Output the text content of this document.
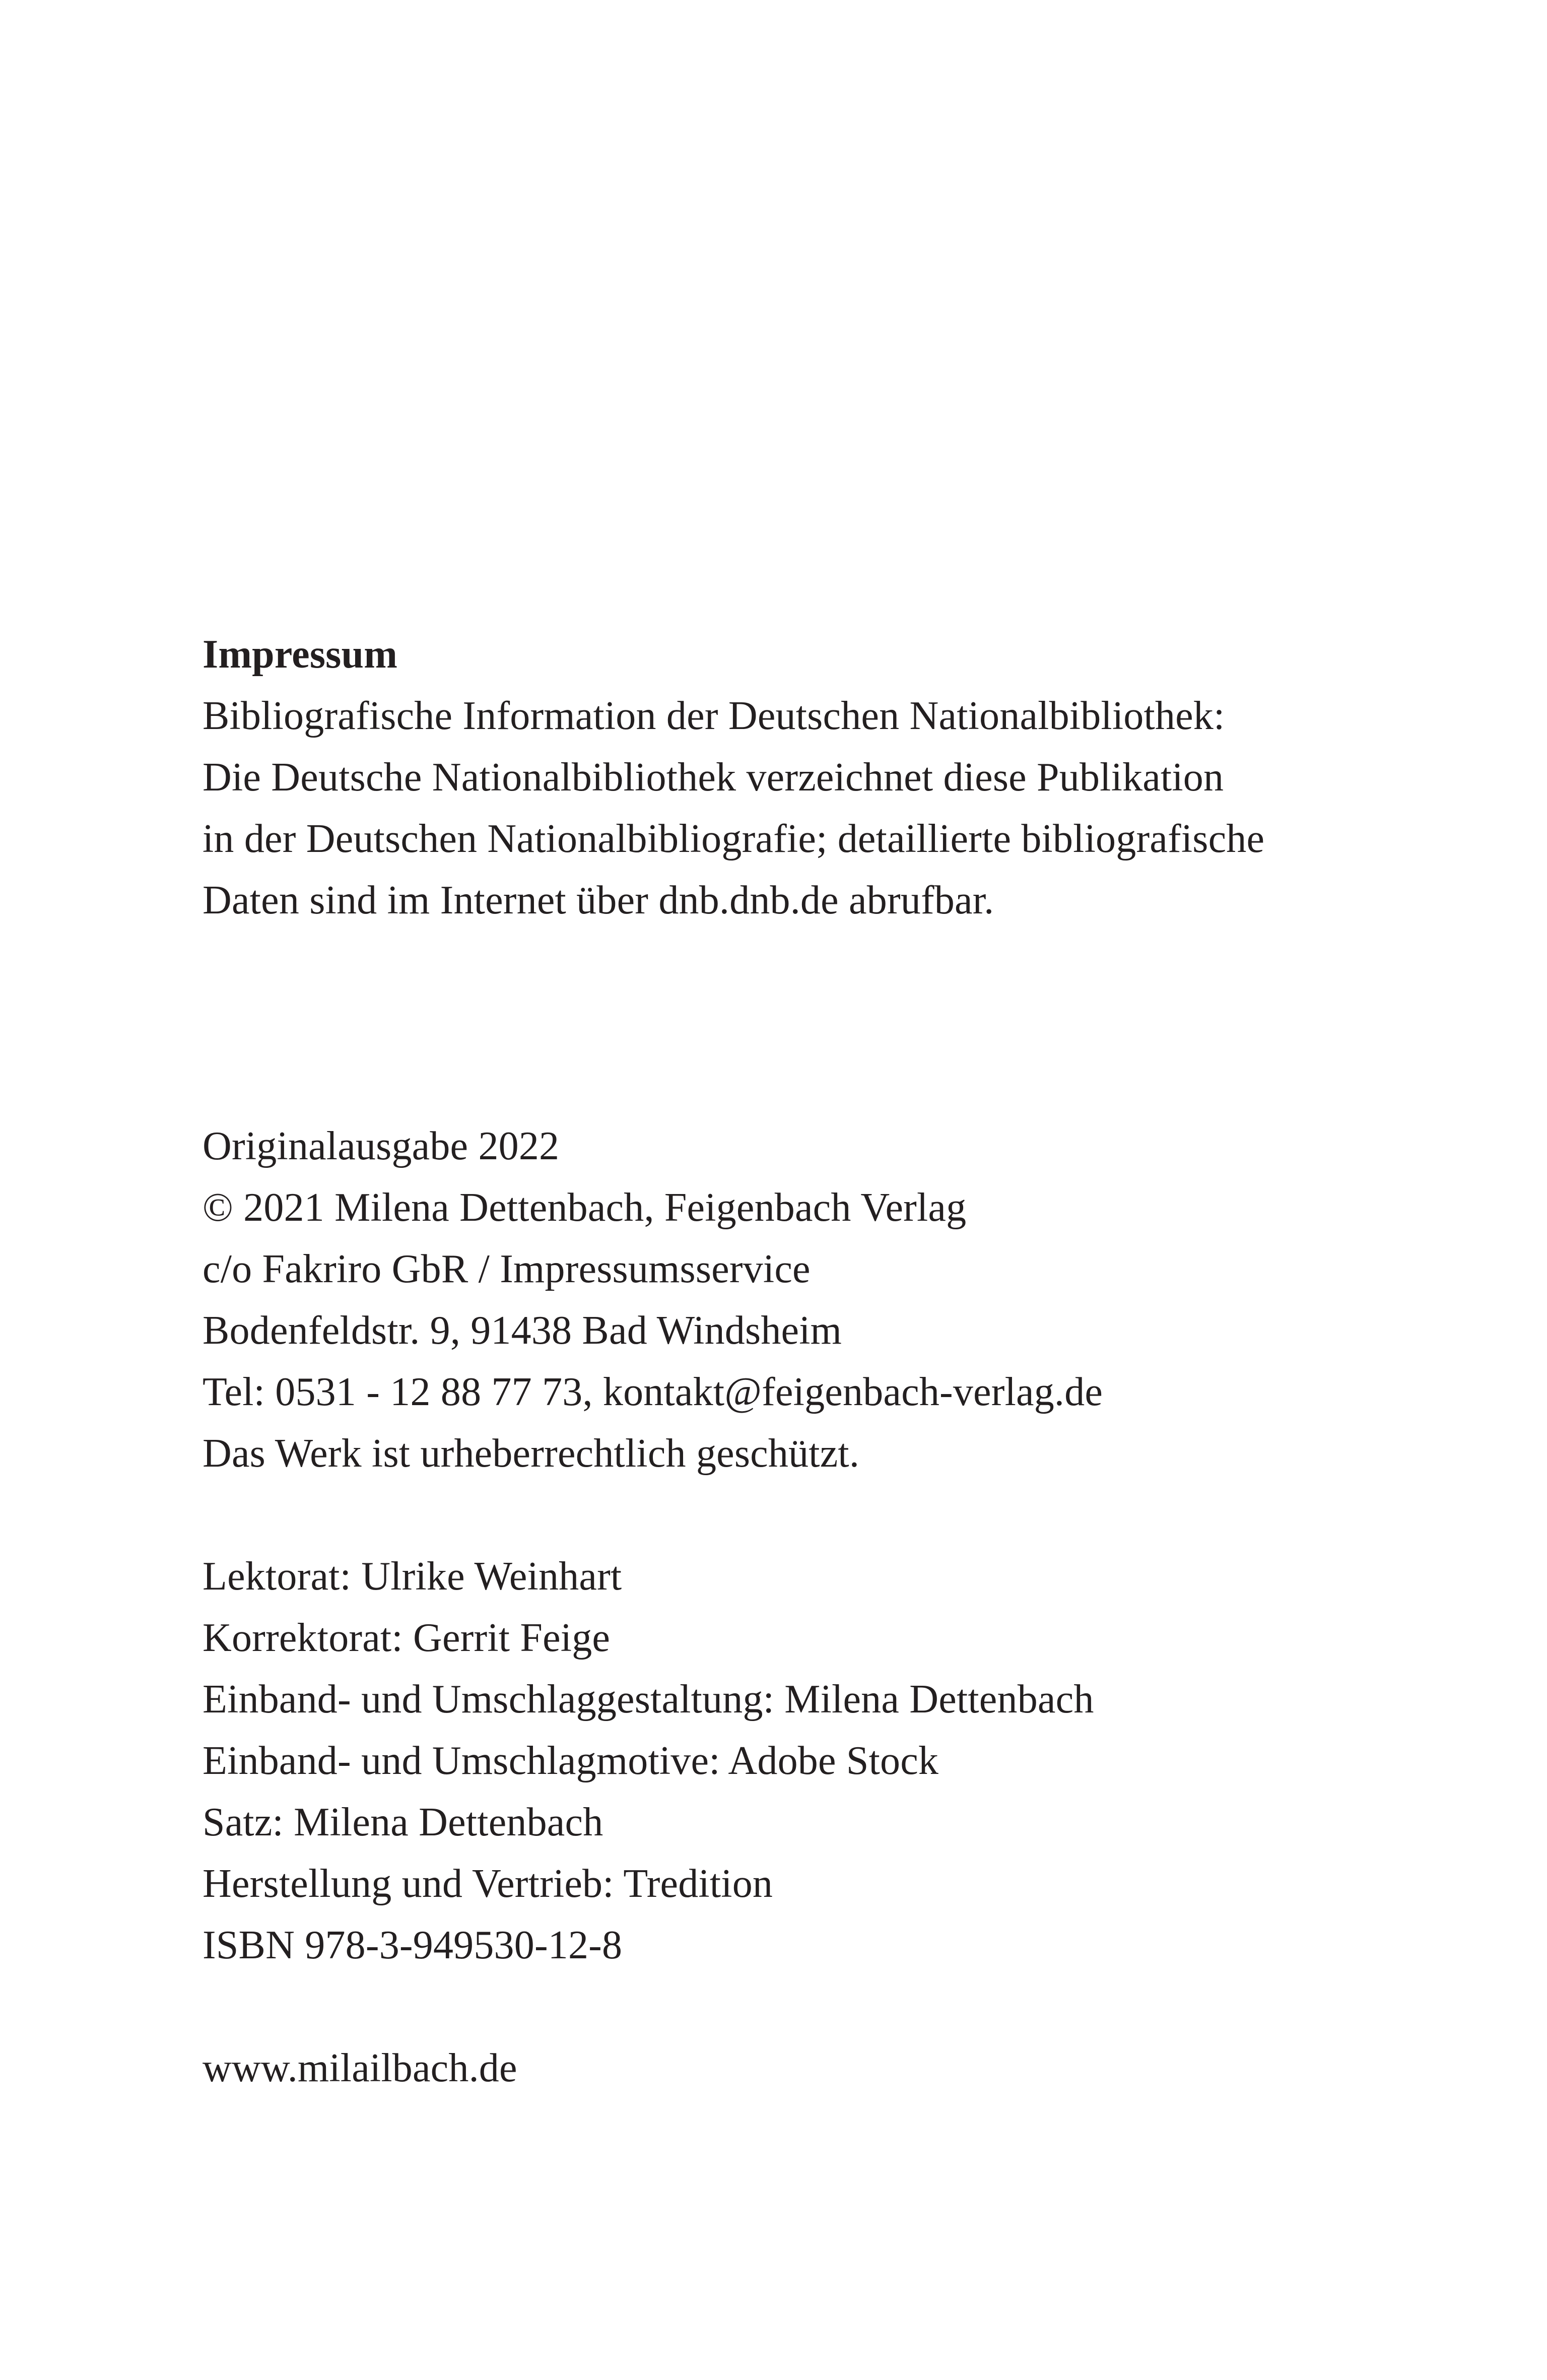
Impressum
Bibliografische Information der Deutschen Nationalbibliothek:
Die Deutsche Nationalbibliothek verzeichnet diese Publikation
in der Deutschen Nationalbibliografie; detaillierte bibliografische
Daten sind im Internet über dnb.dnb.de abrufbar.
Originalausgabe 2022
© 2021 Milena Dettenbach, Feigenbach Verlag
c/o Fakriro GbR / Impressumsservice
Bodenfeldstr. 9, 91438 Bad Windsheim
Tel: 0531 - 12 88 77 73, kontakt@feigenbach-verlag.de
Das Werk ist urheberrechtlich geschützt.
Lektorat: Ulrike Weinhart
Korrektorat: Gerrit Feige
Einband- und Umschlaggestaltung: Milena Dettenbach
Einband- und Umschlagmotive: Adobe Stock
Satz: Milena Dettenbach
Herstellung und Vertrieb: Tredition
ISBN 978-3-949530-12-8
www.milailbach.de
